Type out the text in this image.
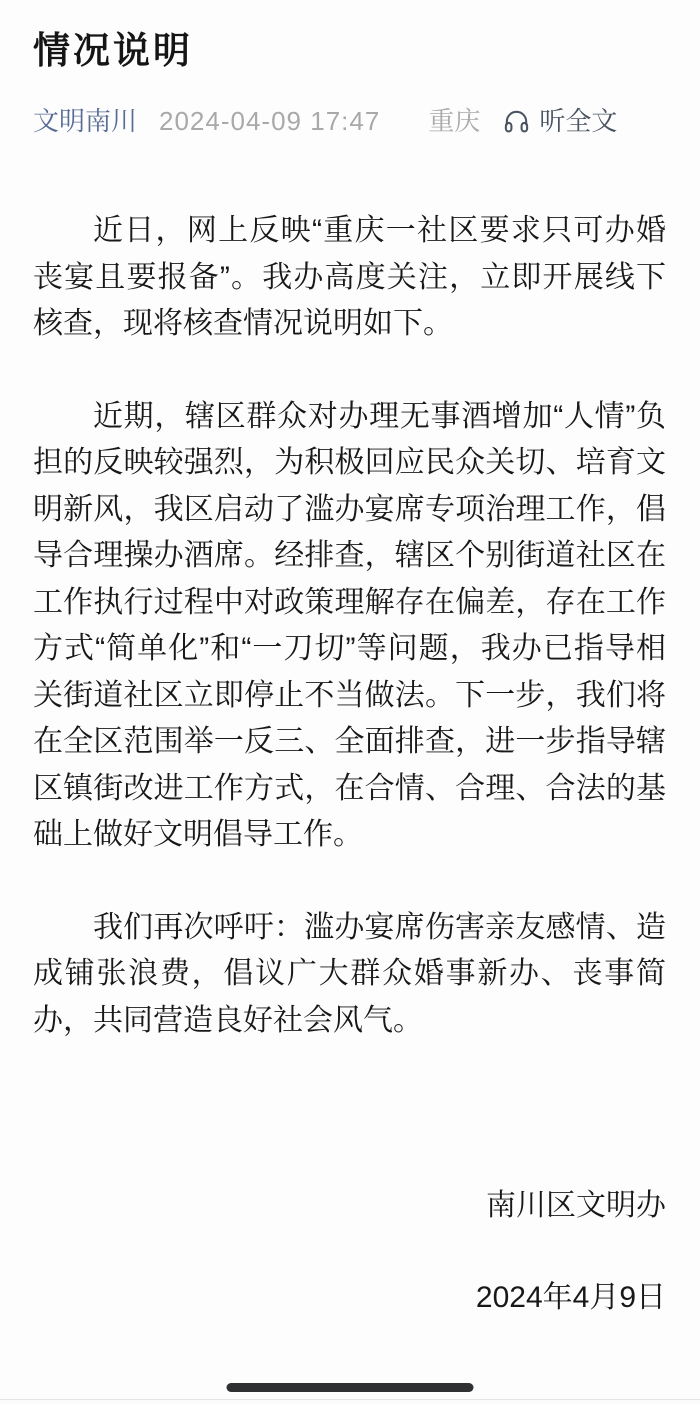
情况说明
文明南川 2024-04-09 17:47 重庆 听全文

近日，网上反映“重庆一社区要求只可办婚丧宴且要报备”。我办高度关注，立即开展线下核查，现将核查情况说明如下。

近期，辖区群众对办理无事酒增加“人情”负担的反映较强烈，为积极回应民众关切、培育文明新风，我区启动了滥办宴席专项治理工作，倡导合理操办酒席。经排查，辖区个别街道社区在工作执行过程中对政策理解存在偏差，存在工作方式“简单化”和“一刀切”等问题，我办已指导相关街道社区立即停止不当做法。下一步，我们将在全区范围举一反三、全面排查，进一步指导辖区镇街改进工作方式，在合情、合理、合法的基础上做好文明倡导工作。

我们再次呼吁：滥办宴席伤害亲友感情、造成铺张浪费，倡议广大群众婚事新办、丧事简办，共同营造良好社会风气。

南川区文明办
2024年4月9日
